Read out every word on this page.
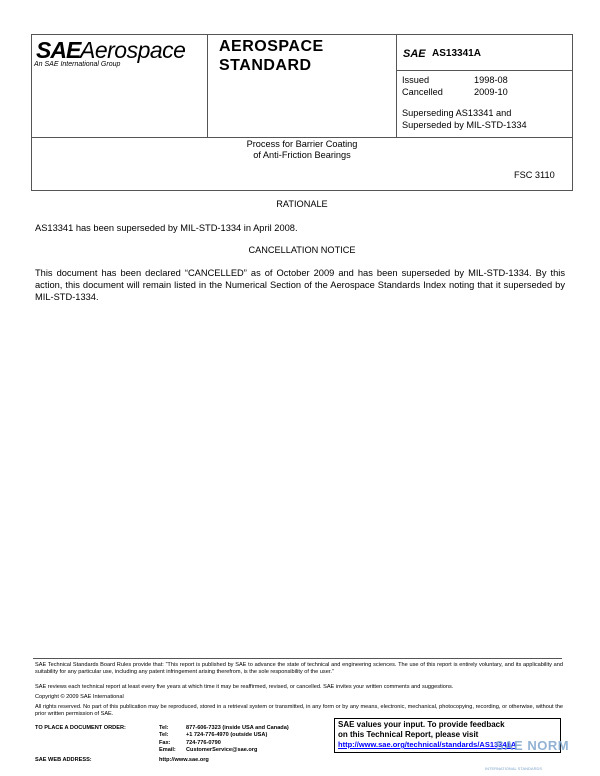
SAE Aerospace
An SAE International Group
AEROSPACE
STANDARD
SAE AS13341A
Issued	1998-08
Cancelled	2009-10
Superseding AS13341 and
Superseded by MIL-STD-1334
Process for Barrier Coating
of Anti-Friction Bearings
FSC 3110
RATIONALE
AS13341 has been superseded by MIL-STD-1334 in April 2008.
CANCELLATION NOTICE
This document has been declared “CANCELLED” as of October 2009 and has been superseded by MIL-STD-1334. By this action, this document will remain listed in the Numerical Section of the Aerospace Standards Index noting that it superseded by MIL-STD-1334.
SAE Technical Standards Board Rules provide that: “This report is published by SAE to advance the state of technical and engineering sciences. The use of this report is entirely voluntary, and its applicability and suitability for any particular use, including any patent infringement arising therefrom, is the sole responsibility of the user.”
SAE reviews each technical report at least every five years at which time it may be reaffirmed, revised, or cancelled. SAE invites your written comments and suggestions.
Copyright © 2009 SAE International
All rights reserved. No part of this publication may be reproduced, stored in a retrieval system or transmitted, in any form or by any means, electronic, mechanical, photocopying, recording, or otherwise, without the prior written permission of SAE.
TO PLACE A DOCUMENT ORDER:	Tel:	877-606-7323 (inside USA and Canada)
Tel:	+1 724-776-4970 (outside USA)
Fax:	724-776-0790
Email: CustomerService@sae.org
SAE WEB ADDRESS:	http://www.sae.org
SAE values your input. To provide feedback
on this Technical Report, please visit
http://www.sae.org/technical/standards/AS13341A
SAE NORM
INTERNATIONAL STANDARDS
